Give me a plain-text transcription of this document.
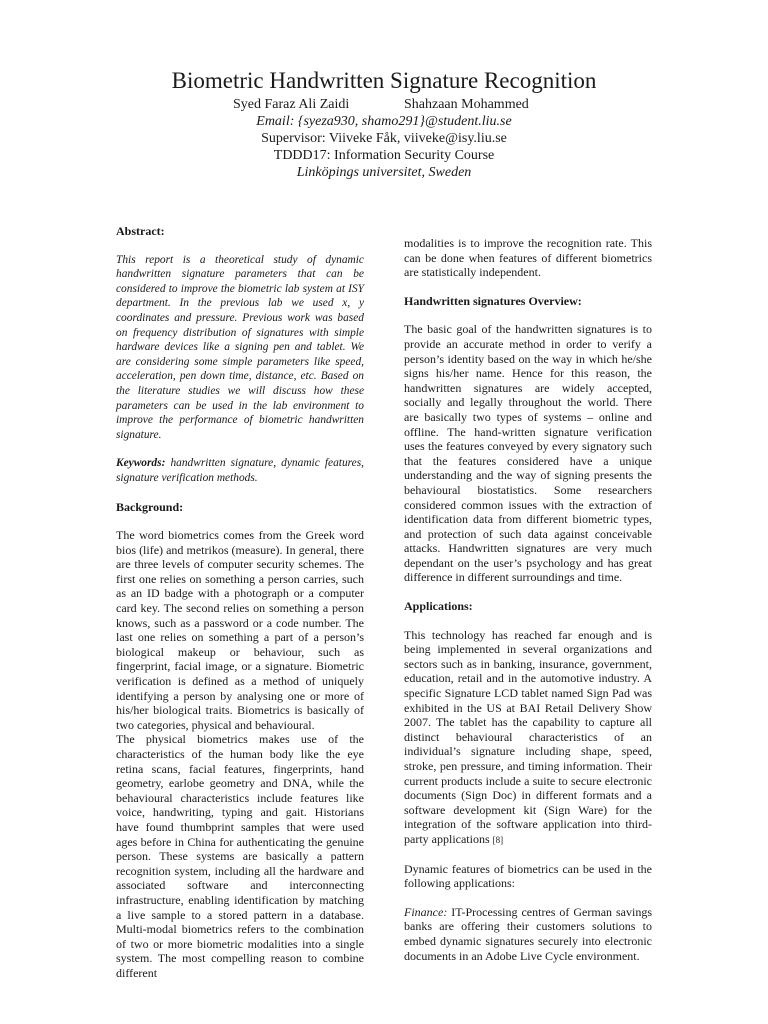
Biometric Handwritten Signature Recognition
Syed Faraz Ali Zaidi	Shahzaan Mohammed

Email: {syeza930, shamo291}@student.liu.se

Supervisor: Viiveke Fåk, viiveke@isy.liu.se

TDDD17: Information Security Course

Linköpings universitet, Sweden

Abstract:

This report is a theoretical study of dynamic handwritten signature parameters that can be considered to improve the biometric lab system at ISY department. In the previous lab we used x, y coordinates and pressure. Previous work was based on frequency distribution of signatures with simple hardware devices like a signing pen and tablet. We are considering some simple parameters like speed, acceleration, pen down time, distance, etc. Based on the literature studies we will discuss how these parameters can be used in the lab environment to improve the performance of biometric handwritten signature.

Keywords: handwritten signature, dynamic features, signature verification methods.

Background:

The word biometrics comes from the Greek word bios (life) and metrikos (measure). In general, there are three levels of computer security schemes. The first one relies on something a person carries, such as an ID badge with a photograph or a computer card key. The second relies on something a person knows, such as a password or a code number. The last one relies on something a part of a person’s biological makeup or behaviour, such as fingerprint, facial image, or a signature. Biometric verification is defined as a method of uniquely identifying a person by analysing one or more of his/her biological traits. Biometrics is basically of two categories, physical and behavioural.

The physical biometrics makes use of the characteristics of the human body like the eye retina scans, facial features, fingerprints, hand geometry, earlobe geometry and DNA, while the behavioural characteristics include features like voice, handwriting, typing and gait. Historians have found thumbprint samples that were used ages before in China for authenticating the genuine person. These systems are basically a pattern recognition system, including all the hardware and associated software and interconnecting infrastructure, enabling identification by matching a live sample to a stored pattern in a database. Multi-modal biometrics refers to the combination of two or more biometric modalities into a single system. The most compelling reason to combine different

modalities is to improve the recognition rate. This can be done when features of different biometrics are statistically independent.

Handwritten signatures Overview:

The basic goal of the handwritten signatures is to provide an accurate method in order to verify a person’s identity based on the way in which he/she signs his/her name. Hence for this reason, the handwritten signatures are widely accepted, socially and legally throughout the world. There are basically two types of systems – online and offline. The hand-written signature verification uses the features conveyed by every signatory such that the features considered have a unique understanding and the way of signing presents the behavioural biostatistics. Some researchers considered common issues with the extraction of identification data from different biometric types, and protection of such data against conceivable attacks. Handwritten signatures are very much dependant on the user’s psychology and has great difference in different surroundings and time.

Applications:

This technology has reached far enough and is being implemented in several organizations and sectors such as in banking, insurance, government, education, retail and in the automotive industry. A specific Signature LCD tablet named Sign Pad was exhibited in the US at BAI Retail Delivery Show 2007. The tablet has the capability to capture all distinct behavioural characteristics of an individual’s signature including shape, speed, stroke, pen pressure, and timing information. Their current products include a suite to secure electronic documents (Sign Doc) in different formats and a software development kit (Sign Ware) for the integration of the software application into third-party applications [8]

Dynamic features of biometrics can be used in the following applications:

Finance: IT-Processing centres of German savings banks are offering their customers solutions to embed dynamic signatures securely into electronic documents in an Adobe Live Cycle environment.
